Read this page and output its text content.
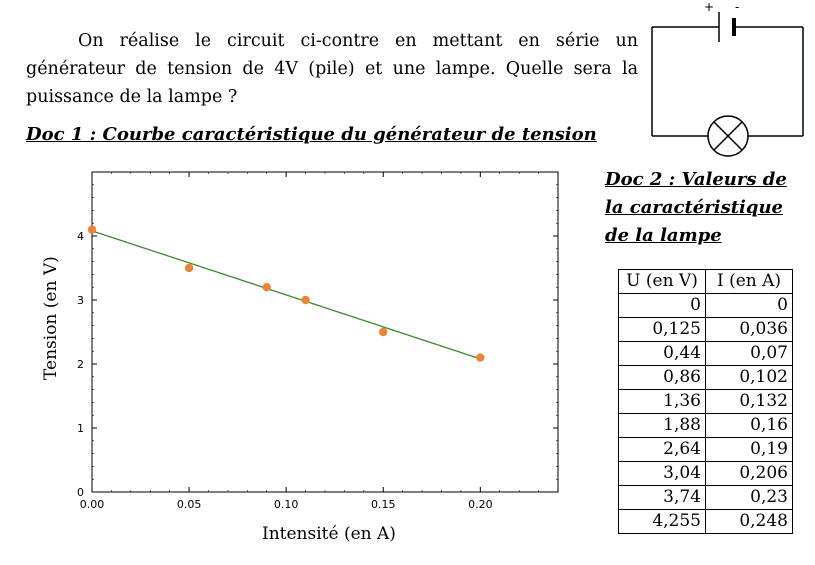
On réalise le circuit ci-contre en mettant en série un générateur de tension de 4V (pile) et une lampe. Quelle sera la puissance de la lampe ?

Doc 1 : Courbe caractéristique du générateur de tension

+ -
0.00	0.05	0.10	0.15	0.20
0
1
2
3
4
Tension (en V)
Intensité (en A)

Doc 2 : Valeurs de la caractéristique de la lampe

U (en V)	I (en A)
0	0
0,125	0,036
0,44	0,07
0,86	0,102
1,36	0,132
1,88	0,16
2,64	0,19
3,04	0,206
3,74	0,23
4,255	0,248
